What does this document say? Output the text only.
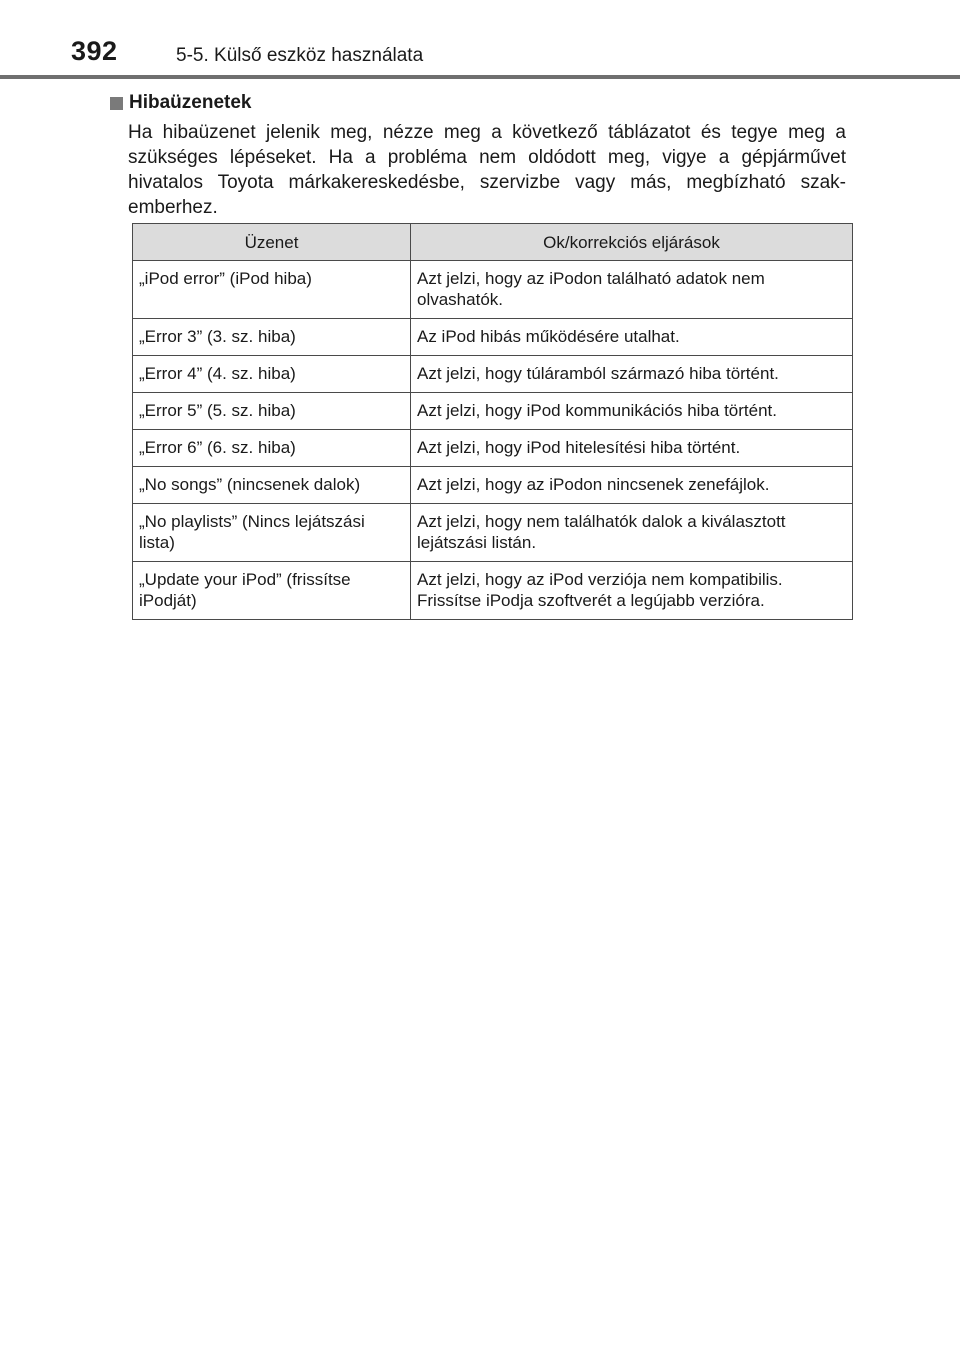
392	5-5. Külső eszköz használata
Hibaüzenetek

Ha hibaüzenet jelenik meg, nézze meg a következő táblázatot és tegye meg a szükséges lépéseket. Ha a probléma nem oldódott meg, vigye a gépjárművet hivatalos Toyota márkakereskedésbe, szervizbe vagy más, megbízható szakemberhez.

Üzenet	Ok/korrekciós eljárások
„iPod error” (iPod hiba)	Azt jelzi, hogy az iPodon található adatok nem olvashatók.
„Error 3” (3. sz. hiba)	Az iPod hibás működésére utalhat.
„Error 4” (4. sz. hiba)	Azt jelzi, hogy túláramból származó hiba történt.
„Error 5” (5. sz. hiba)	Azt jelzi, hogy iPod kommunikációs hiba történt.
„Error 6” (6. sz. hiba)	Azt jelzi, hogy iPod hitelesítési hiba történt.
„No songs” (nincsenek dalok)	Azt jelzi, hogy az iPodon nincsenek zenefájlok.
„No playlists” (Nincs lejátszási lista)	Azt jelzi, hogy nem találhatók dalok a kiválasztott lejátszási listán.
„Update your iPod” (frissítse iPodját)	Azt jelzi, hogy az iPod verziója nem kompatibilis. Frissítse iPodja szoftverét a legújabb verzióra.
